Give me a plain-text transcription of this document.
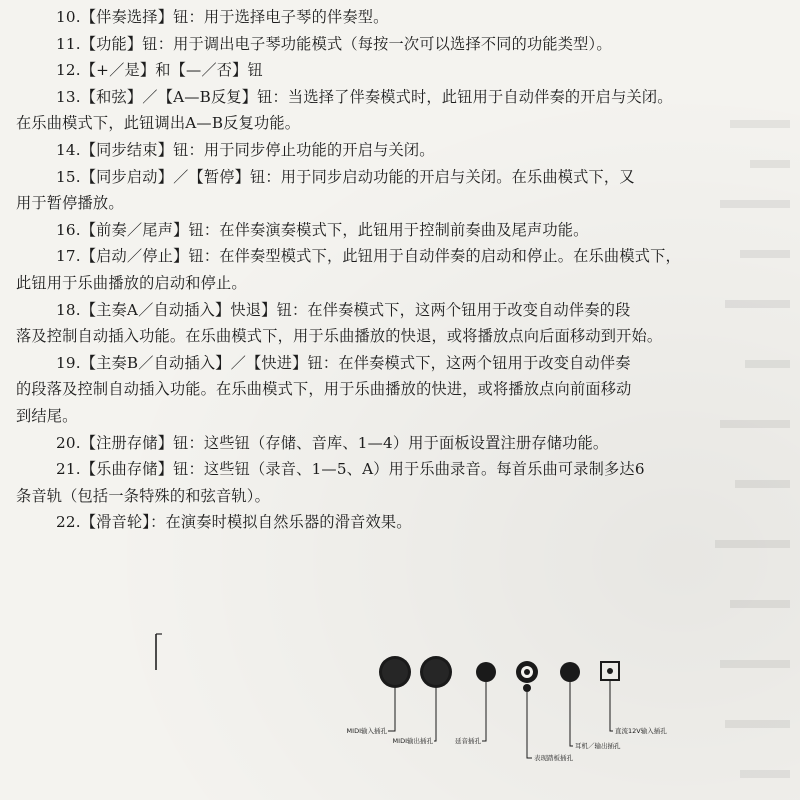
10.【伴奏选择】钮：用于选择电子琴的伴奏型。
11.【功能】钮：用于调出电子琴功能模式（每按一次可以选择不同的功能类型）。
12.【+／是】和【—／否】钮
13.【和弦】／【A—B反复】钮：当选择了伴奏模式时，此钮用于自动伴奏的开启与关闭。
在乐曲模式下，此钮调出A—B反复功能。
14.【同步结束】钮：用于同步停止功能的开启与关闭。
15.【同步启动】／【暂停】钮：用于同步启动功能的开启与关闭。在乐曲模式下，又
用于暂停播放。
16.【前奏／尾声】钮：在伴奏演奏模式下，此钮用于控制前奏曲及尾声功能。
17.【启动／停止】钮：在伴奏型模式下，此钮用于自动伴奏的启动和停止。在乐曲模式下，
此钮用于乐曲播放的启动和停止。
18.【主奏A／自动插入】快退】钮：在伴奏模式下，这两个钮用于改变自动伴奏的段
落及控制自动插入功能。在乐曲模式下，用于乐曲播放的快退，或将播放点向后面移动到开始。
19.【主奏B／自动插入】／【快进】钮：在伴奏模式下，这两个钮用于改变自动伴奏
的段落及控制自动插入功能。在乐曲模式下，用于乐曲播放的快进，或将播放点向前面移动
到结尾。
20.【注册存储】钮：这些钮（存储、音库、1—4）用于面板设置注册存储功能。
21.【乐曲存储】钮：这些钮（录音、1—5、A）用于乐曲录音。每首乐曲可录制多达6
条音轨（包括一条特殊的和弦音轨）。
22.【滑音轮】：在演奏时模拟自然乐器的滑音效果。
MIDI输入插孔
MIDI输出插孔	延音插孔
表现踏板插孔
耳机／输出插孔
直流12V输入插孔
